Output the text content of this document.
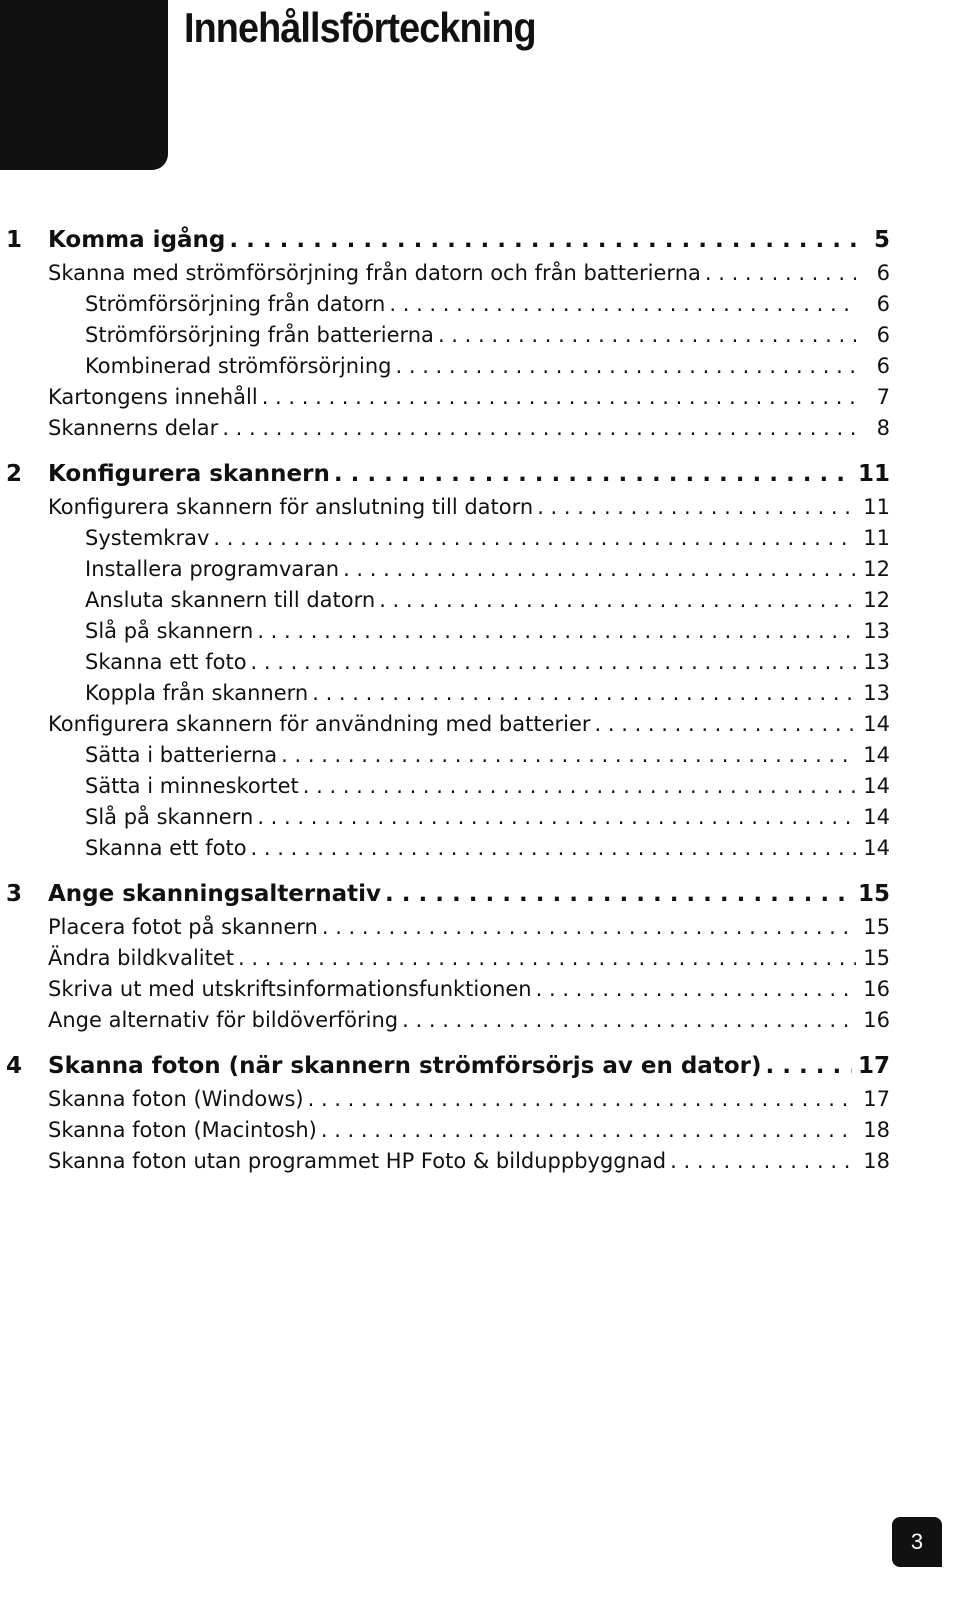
Innehållsförteckning
1	Komma igång . . .	5
Skanna med strömförsörjning från datorn och från batterierna . . .	6
Strömförsörjning från datorn . . .	6
Strömförsörjning från batterierna . . .	6
Kombinerad strömförsörjning . . .	6
Kartongens innehåll . . .	7
Skannerns delar . . .	8
2	Konfigurera skannern . . .	11
Konfigurera skannern för anslutning till datorn . . .	11
Systemkrav . . .	11
Installera programvaran . . .	12
Ansluta skannern till datorn . . .	12
Slå på skannern . . .	13
Skanna ett foto . . .	13
Koppla från skannern . . .	13
Konfigurera skannern för användning med batterier . . .	14
Sätta i batterierna . . .	14
Sätta i minneskortet . . .	14
Slå på skannern . . .	14
Skanna ett foto . . .	14
3	Ange skanningsalternativ . . .	15
Placera fotot på skannern . . .	15
Ändra bildkvalitet . . .	15
Skriva ut med utskriftsinformationsfunktionen . . .	16
Ange alternativ för bildöverföring . . .	16
4	Skanna foton (när skannern strömförsörjs av en dator) . . .	17
Skanna foton (Windows) . . .	17
Skanna foton (Macintosh) . . .	18
Skanna foton utan programmet HP Foto & bilduppbyggnad . . .	18
3
